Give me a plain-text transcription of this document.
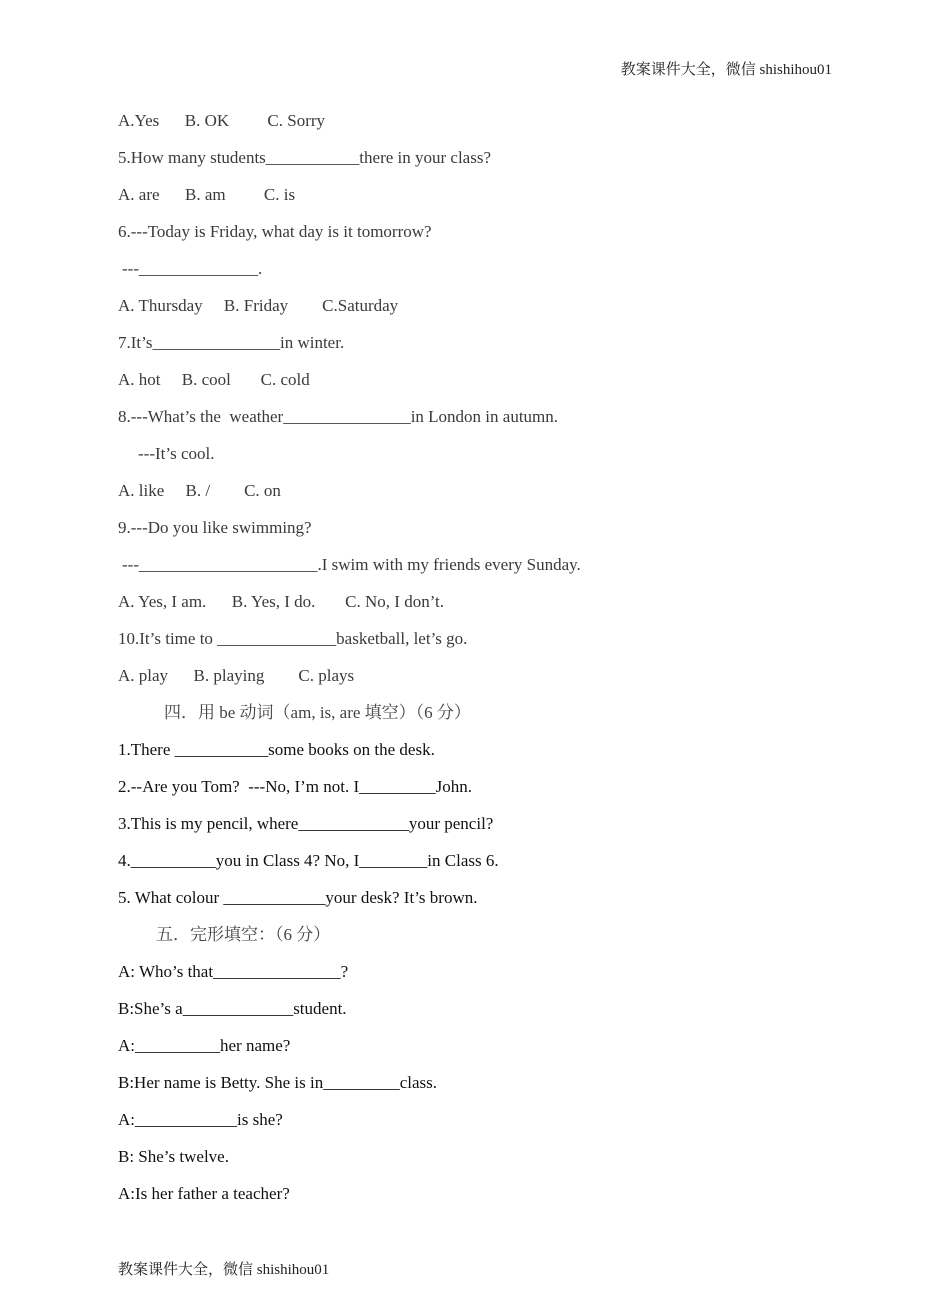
教案课件大全，微信 shishihou01
A.Yes      B. OK         C. Sorry
5.How many students___________there in your class?
A. are      B. am         C. is
6.---Today is Friday, what day is it tomorrow?
---______________.
A. Thursday     B. Friday        C.Saturday
7.It’s_______________in winter.
A. hot     B. cool       C. cold
8.---What’s the  weather_______________in London in autumn.
---It’s cool.
A. like     B. /        C. on
9.---Do you like swimming?
---_____________________.I swim with my friends every Sunday.
A. Yes, I am.      B. Yes, I do.       C. No, I don’t.
10.It’s time to ______________basketball, let’s go.
A. play      B. playing        C. plays
四．用 be 动词（am, is, are 填空）（6 分）
1.There ___________some books on the desk.
2.--Are you Tom?  ---No, I’m not. I_________John.
3.This is my pencil, where_____________your pencil?
4.__________you in Class 4? No, I________in Class 6.
5. What colour ____________your desk? It’s brown.
五．完形填空：（6 分）
A: Who’s that_______________?
B:She’s a_____________student.
A:__________her name?
B:Her name is Betty. She is in_________class.
A:____________is she?
B: She’s twelve.
A:Is her father a teacher?
教案课件大全，微信 shishihou01
